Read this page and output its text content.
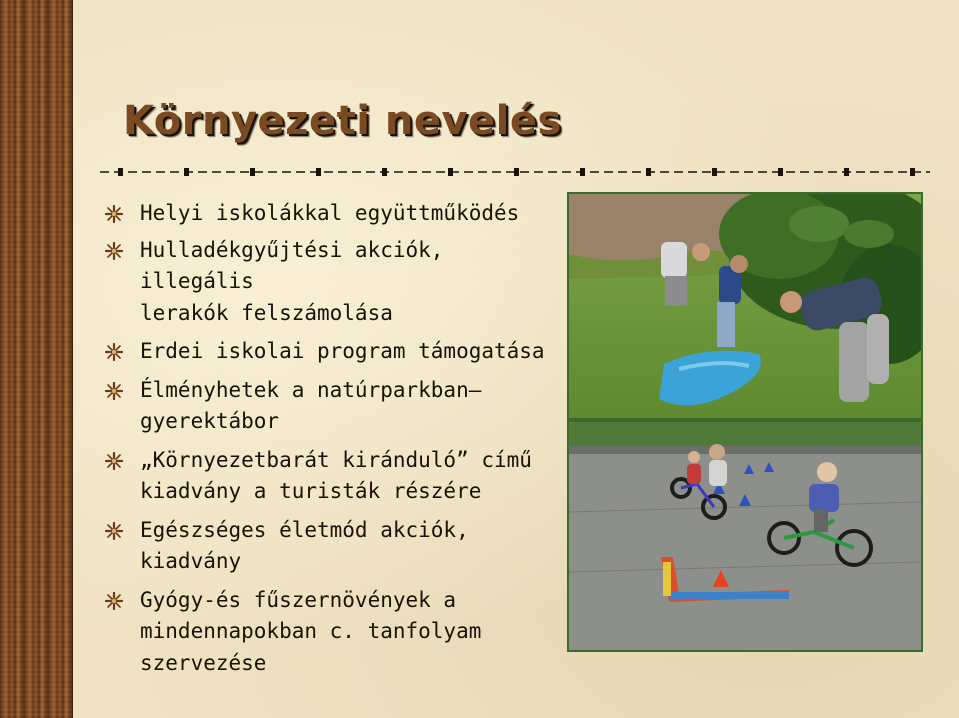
Környezeti nevelés
Helyi iskolákkal együttműködés
Hulladékgyűjtési akciók, illegális
lerakók felszámolása
Erdei iskolai program támogatása
Élményhetek a natúrparkban–
gyerektábor
„Környezetbarát kiránduló” című
kiadvány a turisták részére
Egészséges életmód akciók,
kiadvány
Gyógy-és fűszernövények a
mindennapokban c. tanfolyam
szervezése
